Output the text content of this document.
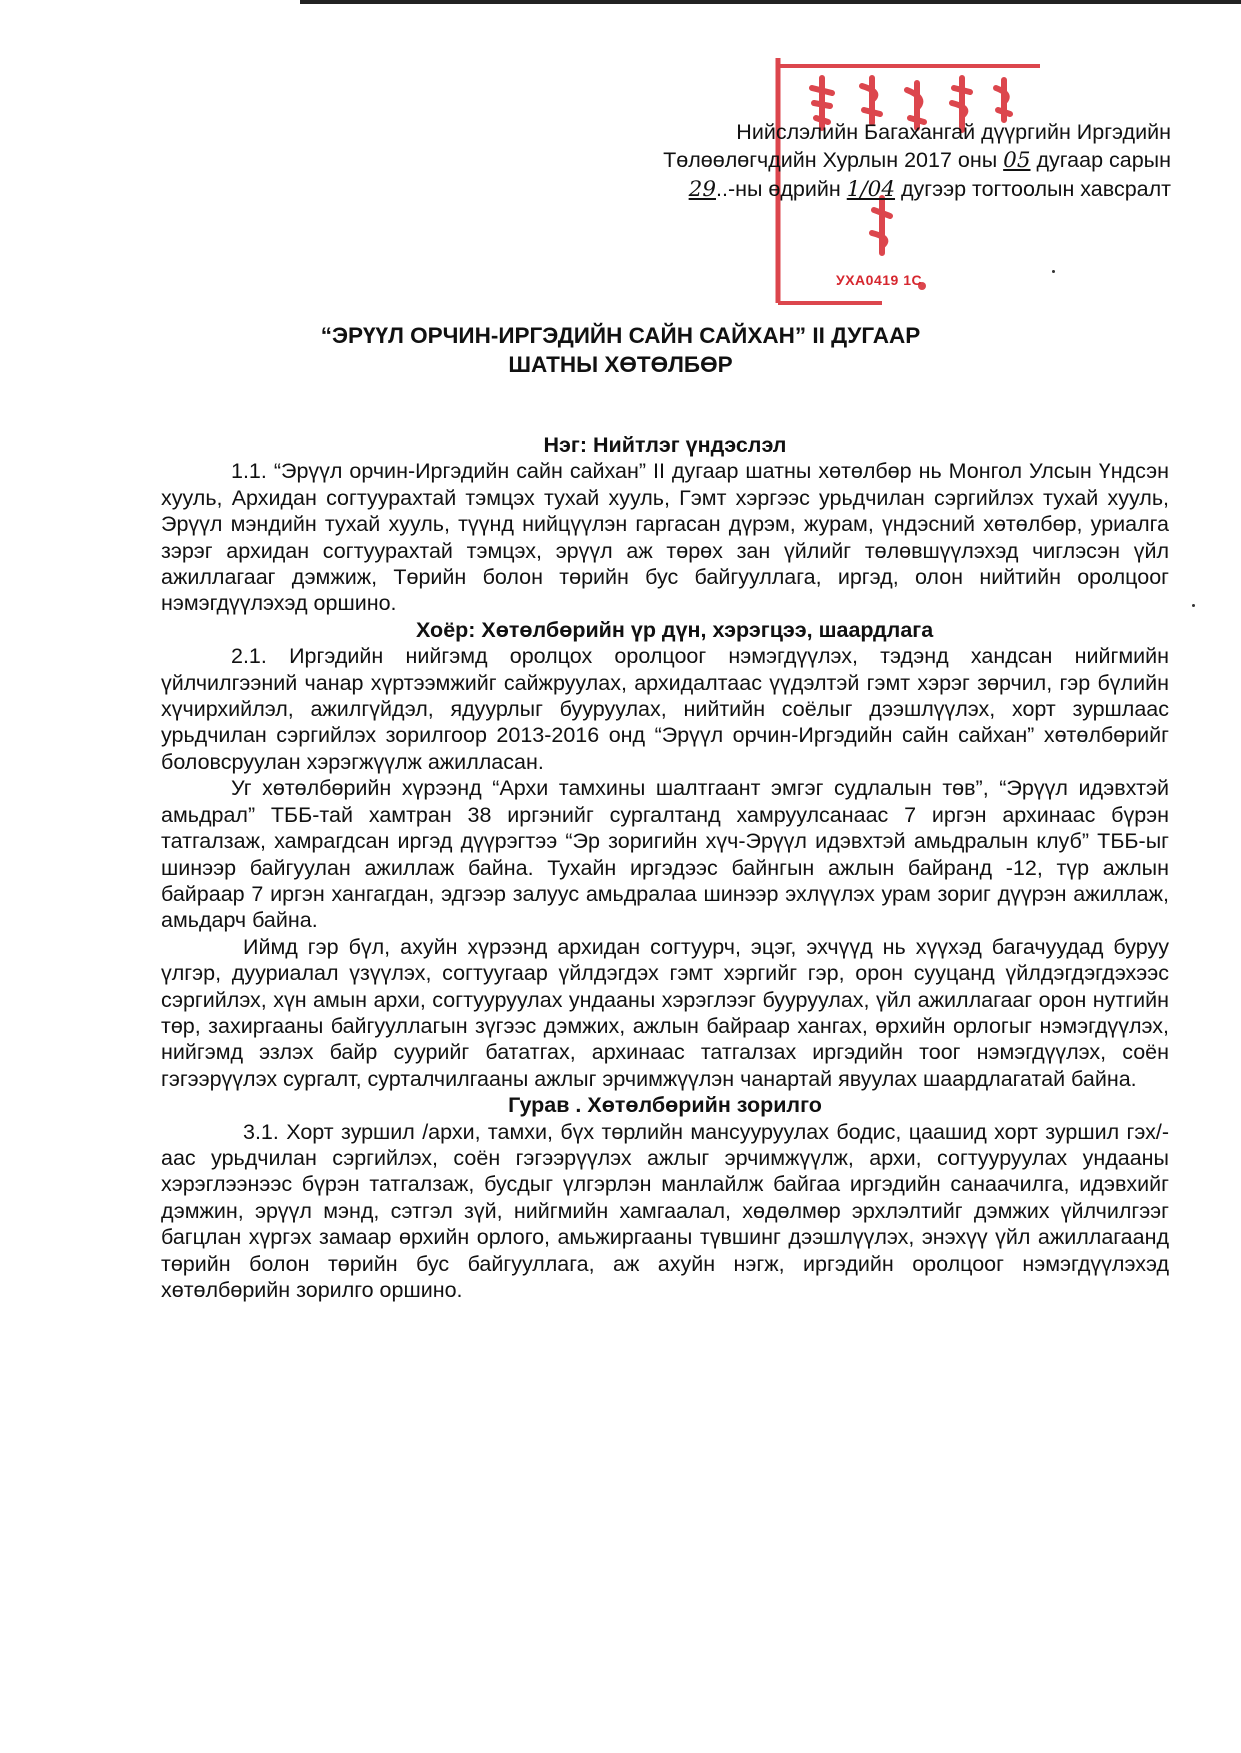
УХА0419 1С
Нийслэлийн Багахангай дүүргийн Иргэдийн
Төлөөлөгчдийн Хурлын 2017 оны 05 дугаар сарын
29..-ны өдрийн 1/04 дугээр тогтоолын хавсралт
“ЭРҮҮЛ ОРЧИН-ИРГЭДИЙН САЙН САЙХАН” II ДУГААР
ШАТНЫ ХӨТӨЛБӨР
Нэг: Нийтлэг үндэслэл

1.1. “Эрүүл орчин-Иргэдийн сайн сайхан” II дугаар шатны хөтөлбөр нь Монгол Улсын Үндсэн хууль, Архидан согтуурахтай тэмцэх тухай хууль, Гэмт хэргээс урьдчилан сэргийлэх тухай хууль, Эрүүл мэндийн тухай хууль, түүнд нийцүүлэн гаргасан дүрэм, журам, үндэсний хөтөлбөр, уриалга зэрэг архидан согтуурахтай тэмцэх, эрүүл аж төрөх зан үйлийг төлөвшүүлэхэд чиглэсэн үйл ажиллагааг дэмжиж, Төрийн болон төрийн бус байгууллага, иргэд, олон нийтийн оролцоог нэмэгдүүлэхэд оршино.

Хоёр: Хөтөлбөрийн үр дүн, хэрэгцээ, шаардлага

2.1. Иргэдийн нийгэмд оролцох оролцоог нэмэгдүүлэх, тэдэнд хандсан нийгмийн үйлчилгээний чанар хүртээмжийг сайжруулах, архидалтаас үүдэлтэй гэмт хэрэг зөрчил, гэр бүлийн хүчирхийлэл, ажилгүйдэл, ядуурлыг бууруулах, нийтийн соёлыг дээшлүүлэх, хорт зуршлаас урьдчилан сэргийлэх зорилгоор 2013-2016 онд “Эрүүл орчин-Иргэдийн сайн сайхан” хөтөлбөрийг боловсруулан хэрэгжүүлж ажилласан.

Уг хөтөлбөрийн хүрээнд “Архи тамхины шалтгаант эмгэг судлалын төв”, “Эрүүл идэвхтэй амьдрал” ТББ-тай хамтран 38 иргэнийг сургалтанд хамруулсанаас 7 иргэн архинаас бүрэн татгалзаж, хамрагдсан иргэд дүүрэгтээ “Эр зоригийн хүч-Эрүүл идэвхтэй амьдралын клуб” ТББ-ыг шинээр байгуулан ажиллаж байна. Тухайн иргэдээс байнгын ажлын байранд -12, түр ажлын байраар 7 иргэн хангагдан, эдгээр залуус амьдралаа шинээр эхлүүлэх урам зориг дүүрэн ажиллаж, амьдарч байна.

Иймд гэр бүл, ахуйн хүрээнд архидан согтуурч, эцэг, эхчүүд нь хүүхэд багачуудад буруу үлгэр, дууриалал үзүүлэх, согтуугаар үйлдэгдэх гэмт хэргийг гэр, орон сууцанд үйлдэгдэгдэхээс сэргийлэх, хүн амын архи, согтууруулах ундааны хэрэглээг бууруулах, үйл ажиллагааг орон нутгийн төр, захиргааны байгууллагын зүгээс дэмжих, ажлын байраар хангах, өрхийн орлогыг нэмэгдүүлэх, нийгэмд эзлэх байр суурийг бататгах, архинаас татгалзах иргэдийн тоог нэмэгдүүлэх, соён гэгээрүүлэх сургалт, сурталчилгааны ажлыг эрчимжүүлэн чанартай явуулах шаардлагатай байна.

Гурав . Хөтөлбөрийн зорилго

3.1. Хорт зуршил /архи, тамхи, бүх төрлийн мансууруулах бодис, цаашид хорт зуршил гэх/-аас урьдчилан сэргийлэх, соён гэгээрүүлэх ажлыг эрчимжүүлж, архи, согтууруулах ундааны хэрэглээнээс бүрэн татгалзаж, бусдыг үлгэрлэн манлайлж байгаа иргэдийн санаачилга, идэвхийг дэмжин, эрүүл мэнд, сэтгэл зүй, нийгмийн хамгаалал, хөдөлмөр эрхлэлтийг дэмжих үйлчилгээг багцлан хүргэх замаар өрхийн орлого, амьжиргааны түвшинг дээшлүүлэх, энэхүү үйл ажиллагаанд төрийн болон төрийн бус байгууллага, аж ахуйн нэгж, иргэдийн оролцоог нэмэгдүүлэхэд хөтөлбөрийн зорилго оршино.
